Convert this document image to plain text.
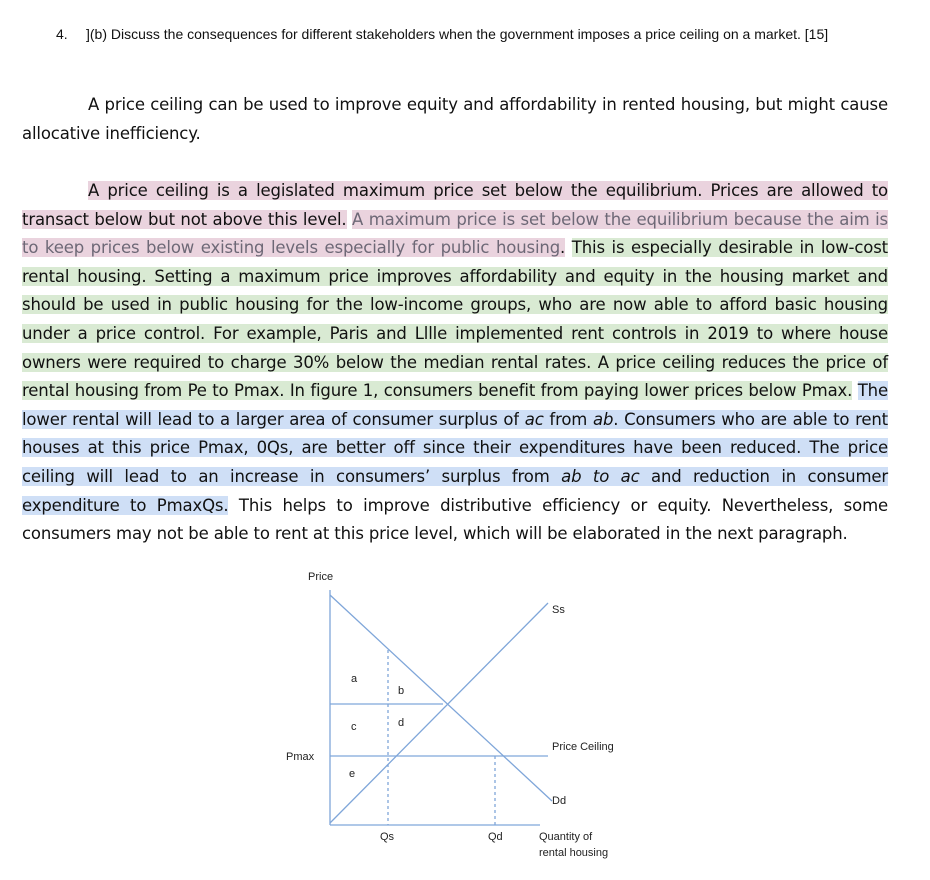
4. ](b) Discuss the consequences for different stakeholders when the government imposes a price ceiling on a market. [15]
A price ceiling can be used to improve equity and affordability in rented housing, but might cause allocative inefficiency.
A price ceiling is a legislated maximum price set below the equilibrium. Prices are allowed to transact below but not above this level. A maximum price is set below the equilibrium because the aim is to keep prices below existing levels especially for public housing. This is especially desirable in low-cost rental housing. Setting a maximum price improves affordability and equity in the housing market and should be used in public housing for the low-income groups, who are now able to afford basic housing under a price control. For example, Paris and Lllle implemented rent controls in 2019 to where house owners were required to charge 30% below the median rental rates. A price ceiling reduces the price of rental housing from Pe to Pmax. In figure 1, consumers benefit from paying lower prices below Pmax. The lower rental will lead to a larger area of consumer surplus of ac from ab. Consumers who are able to rent houses at this price Pmax, 0Qs, are better off since their expenditures have been reduced. The price ceiling will lead to an increase in consumers’ surplus from ab to ac and reduction in consumer expenditure to PmaxQs. This helps to improve distributive efficiency or equity. Nevertheless, some consumers may not be able to rent at this price level, which will be elaborated in the next paragraph.
Price
Pmax
Ss
Dd
Price Ceiling
a
b
c	d
e
Qs	Qd	Quantity of
rental housing
